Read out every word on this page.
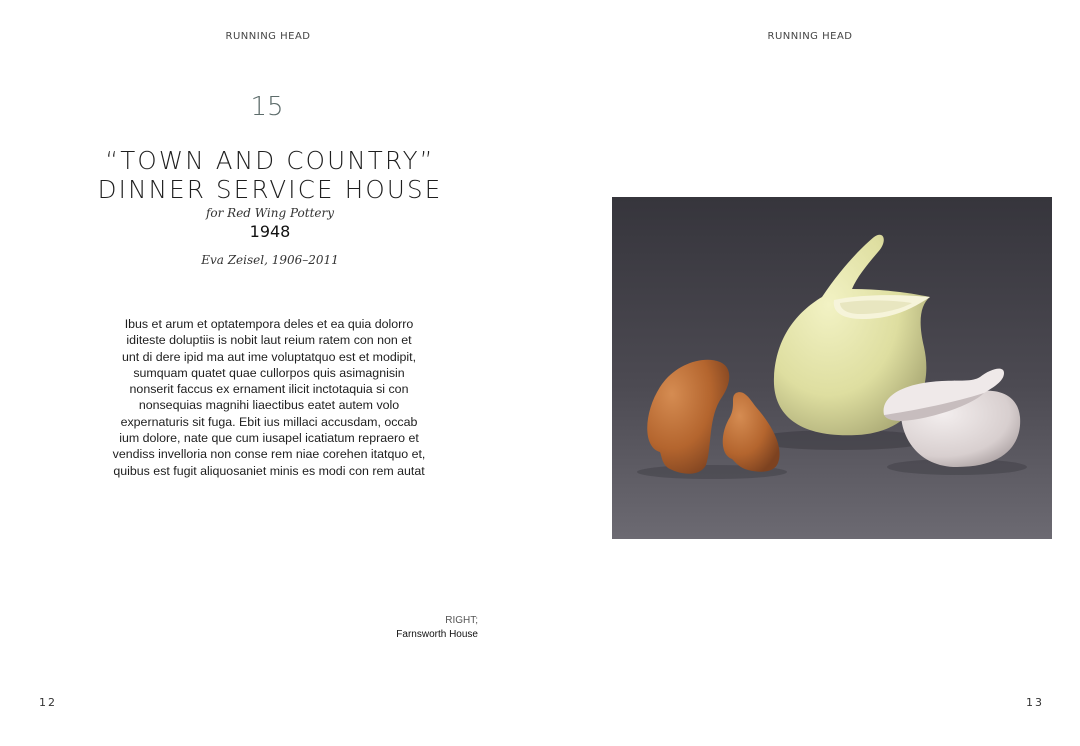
RUNNING HEAD	RUNNING HEAD
15
“TOWN AND COUNTRY”
DINNER SERVICE HOUSE
for Red Wing Pottery
1948
Eva Zeisel, 1906–2011

Ibus et arum et optatempora deles et ea quia dolorro

iditeste doluptiis is nobit laut reium ratem con non et

unt di dere ipid ma aut ime voluptatquo est et modipit,

sumquam quatet quae cullorpos quis asimagnisin

nonserit faccus ex ernament ilicit inctotaquia si con

nonsequias magnihi liaectibus eatet autem volo

expernaturis sit fuga. Ebit ius millaci accusdam, occab

ium dolore, nate que cum iusapel icatiatum repraero et

vendiss invelloria non conse rem niae corehen itatquo et,

quibus est fugit aliquosaniet minis es modi con rem autat

RIGHT;
Farnsworth House
12	13
